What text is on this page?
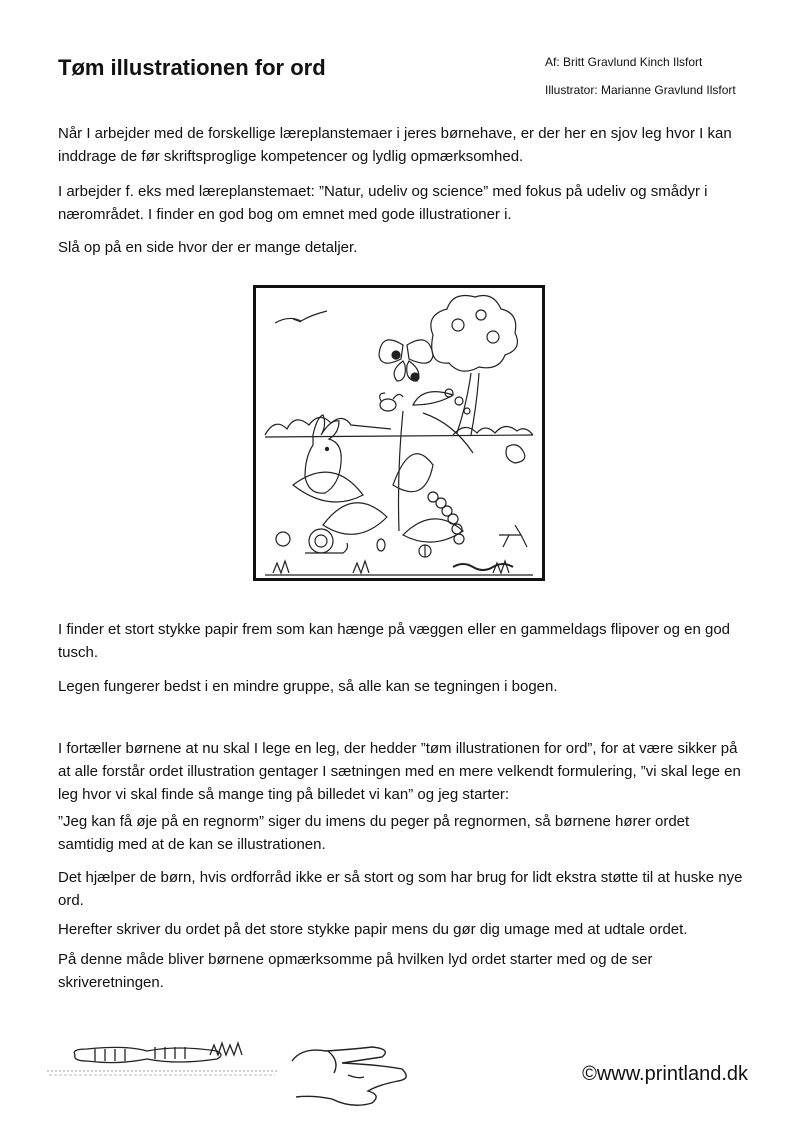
Tøm illustrationen for ord	Af: Britt Gravlund Kinch Ilsfort
Illustrator: Marianne Gravlund Ilsfort

Når I arbejder med de forskellige læreplanstemaer i jeres børnehave, er der her en sjov leg hvor I kan inddrage de før skriftsproglige kompetencer og lydlig opmærksomhed.

I arbejder f. eks med læreplanstemaet: ”Natur, udeliv og science” med fokus på udeliv og smådyr i nærområdet. I finder en god bog om emnet med gode illustrationer i.

Slå op på en side hvor der er mange detaljer.

I finder et stort stykke papir frem som kan hænge på væggen eller en gammeldags flipover og en god tusch.

Legen fungerer bedst i en mindre gruppe, så alle kan se tegningen i bogen.

I fortæller børnene at nu skal I lege en leg, der hedder ”tøm illustrationen for ord”, for at være sikker på at alle forstår ordet illustration gentager I sætningen med en mere velkendt formulering, ”vi skal lege en leg hvor vi skal finde så mange ting på billedet vi kan” og jeg starter:

”Jeg kan få øje på en regnorm” siger du imens du peger på regnormen, så børnene hører ordet samtidig med at de kan se illustrationen.

Det hjælper de børn, hvis ordforråd ikke er så stort og som har brug for lidt ekstra støtte til at huske nye ord.

Herefter skriver du ordet på det store stykke papir mens du gør dig umage med at udtale ordet.

På denne måde bliver børnene opmærksomme på hvilken lyd ordet starter med og de ser skriveretningen.

©www.printland.dk
